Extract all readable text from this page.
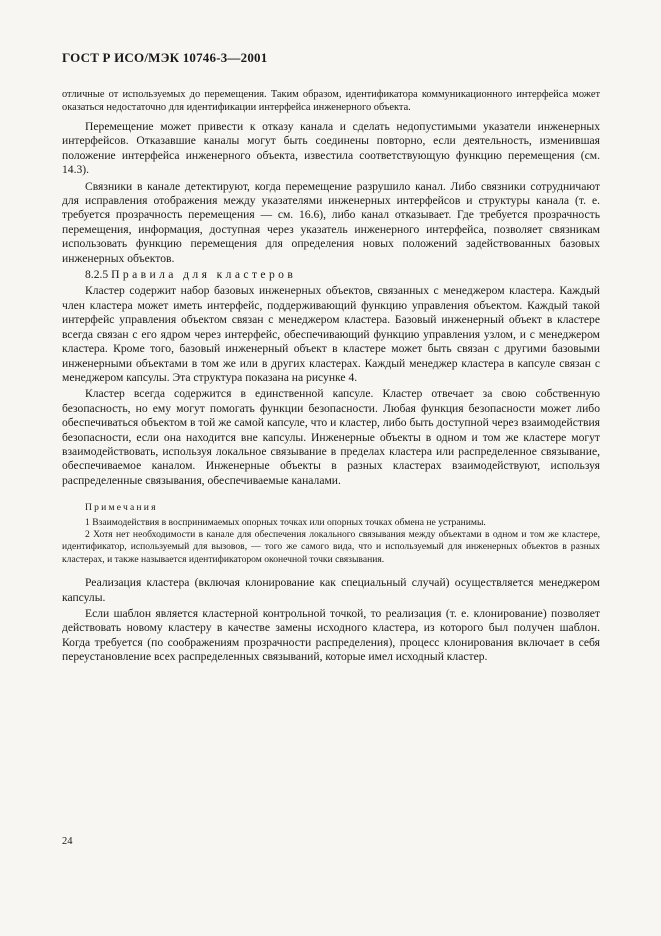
ГОСТ Р ИСО/МЭК 10746-3—2001

отличные от используемых до перемещения. Таким образом, идентификатора коммуникационного интерфейса может оказаться недостаточно для идентификации интерфейса инженерного объекта.

Перемещение может привести к отказу канала и сделать недопустимыми указатели инженерных интерфейсов. Отказавшие каналы могут быть соединены повторно, если деятельность, изменившая положение интерфейса инженерного объекта, известила соответствующую функцию перемещения (см. 14.3).

Связники в канале детектируют, когда перемещение разрушило канал. Либо связники сотрудничают для исправления отображения между указателями инженерных интерфейсов и структуры канала (т. е. требуется прозрачность перемещения — см. 16.6), либо канал отказывает. Где требуется прозрачность перемещения, информация, доступная через указатель инженерного интерфейса, позволяет связникам использовать функцию перемещения для определения новых положений задействованных базовых инженерных объектов.

8.2.5 Правила для кластеров

Кластер содержит набор базовых инженерных объектов, связанных с менеджером кластера. Каждый член кластера может иметь интерфейс, поддерживающий функцию управления объектом. Каждый такой интерфейс управления объектом связан с менеджером кластера. Базовый инженерный объект в кластере всегда связан с его ядром через интерфейс, обеспечивающий функцию управления узлом, и с менеджером кластера. Кроме того, базовый инженерный объект в кластере может быть связан с другими базовыми инженерными объектами в том же или в других кластерах. Каждый менеджер кластера в капсуле связан с менеджером капсулы. Эта структура показана на рисунке 4.

Кластер всегда содержится в единственной капсуле. Кластер отвечает за свою собственную безопасность, но ему могут помогать функции безопасности. Любая функция безопасности может либо обеспечиваться объектом в той же самой капсуле, что и кластер, либо быть доступной через взаимодействия безопасности, если она находится вне капсулы. Инженерные объекты в одном и том же кластере могут взаимодействовать, используя локальное связывание в пределах кластера или распределенное связывание, обеспечиваемое каналом. Инженерные объекты в разных кластерах взаимодействуют, используя распределенные связывания, обеспечиваемые каналами.

Примечания

1 Взаимодействия в воспринимаемых опорных точках или опорных точках обмена не устранимы.

2 Хотя нет необходимости в канале для обеспечения локального связывания между объектами в одном и том же кластере, идентификатор, используемый для вызовов, — того же самого вида, что и используемый для инженерных объектов в разных кластерах, и также называется идентификатором оконечной точки связывания.

Реализация кластера (включая клонирование как специальный случай) осуществляется менеджером капсулы.

Если шаблон является кластерной контрольной точкой, то реализация (т. е. клонирование) позволяет действовать новому кластеру в качестве замены исходного кластера, из которого был получен шаблон. Когда требуется (по соображениям прозрачности распределения), процесс клонирования включает в себя переустановление всех распределенных связываний, которые имел исходный кластер.

24
